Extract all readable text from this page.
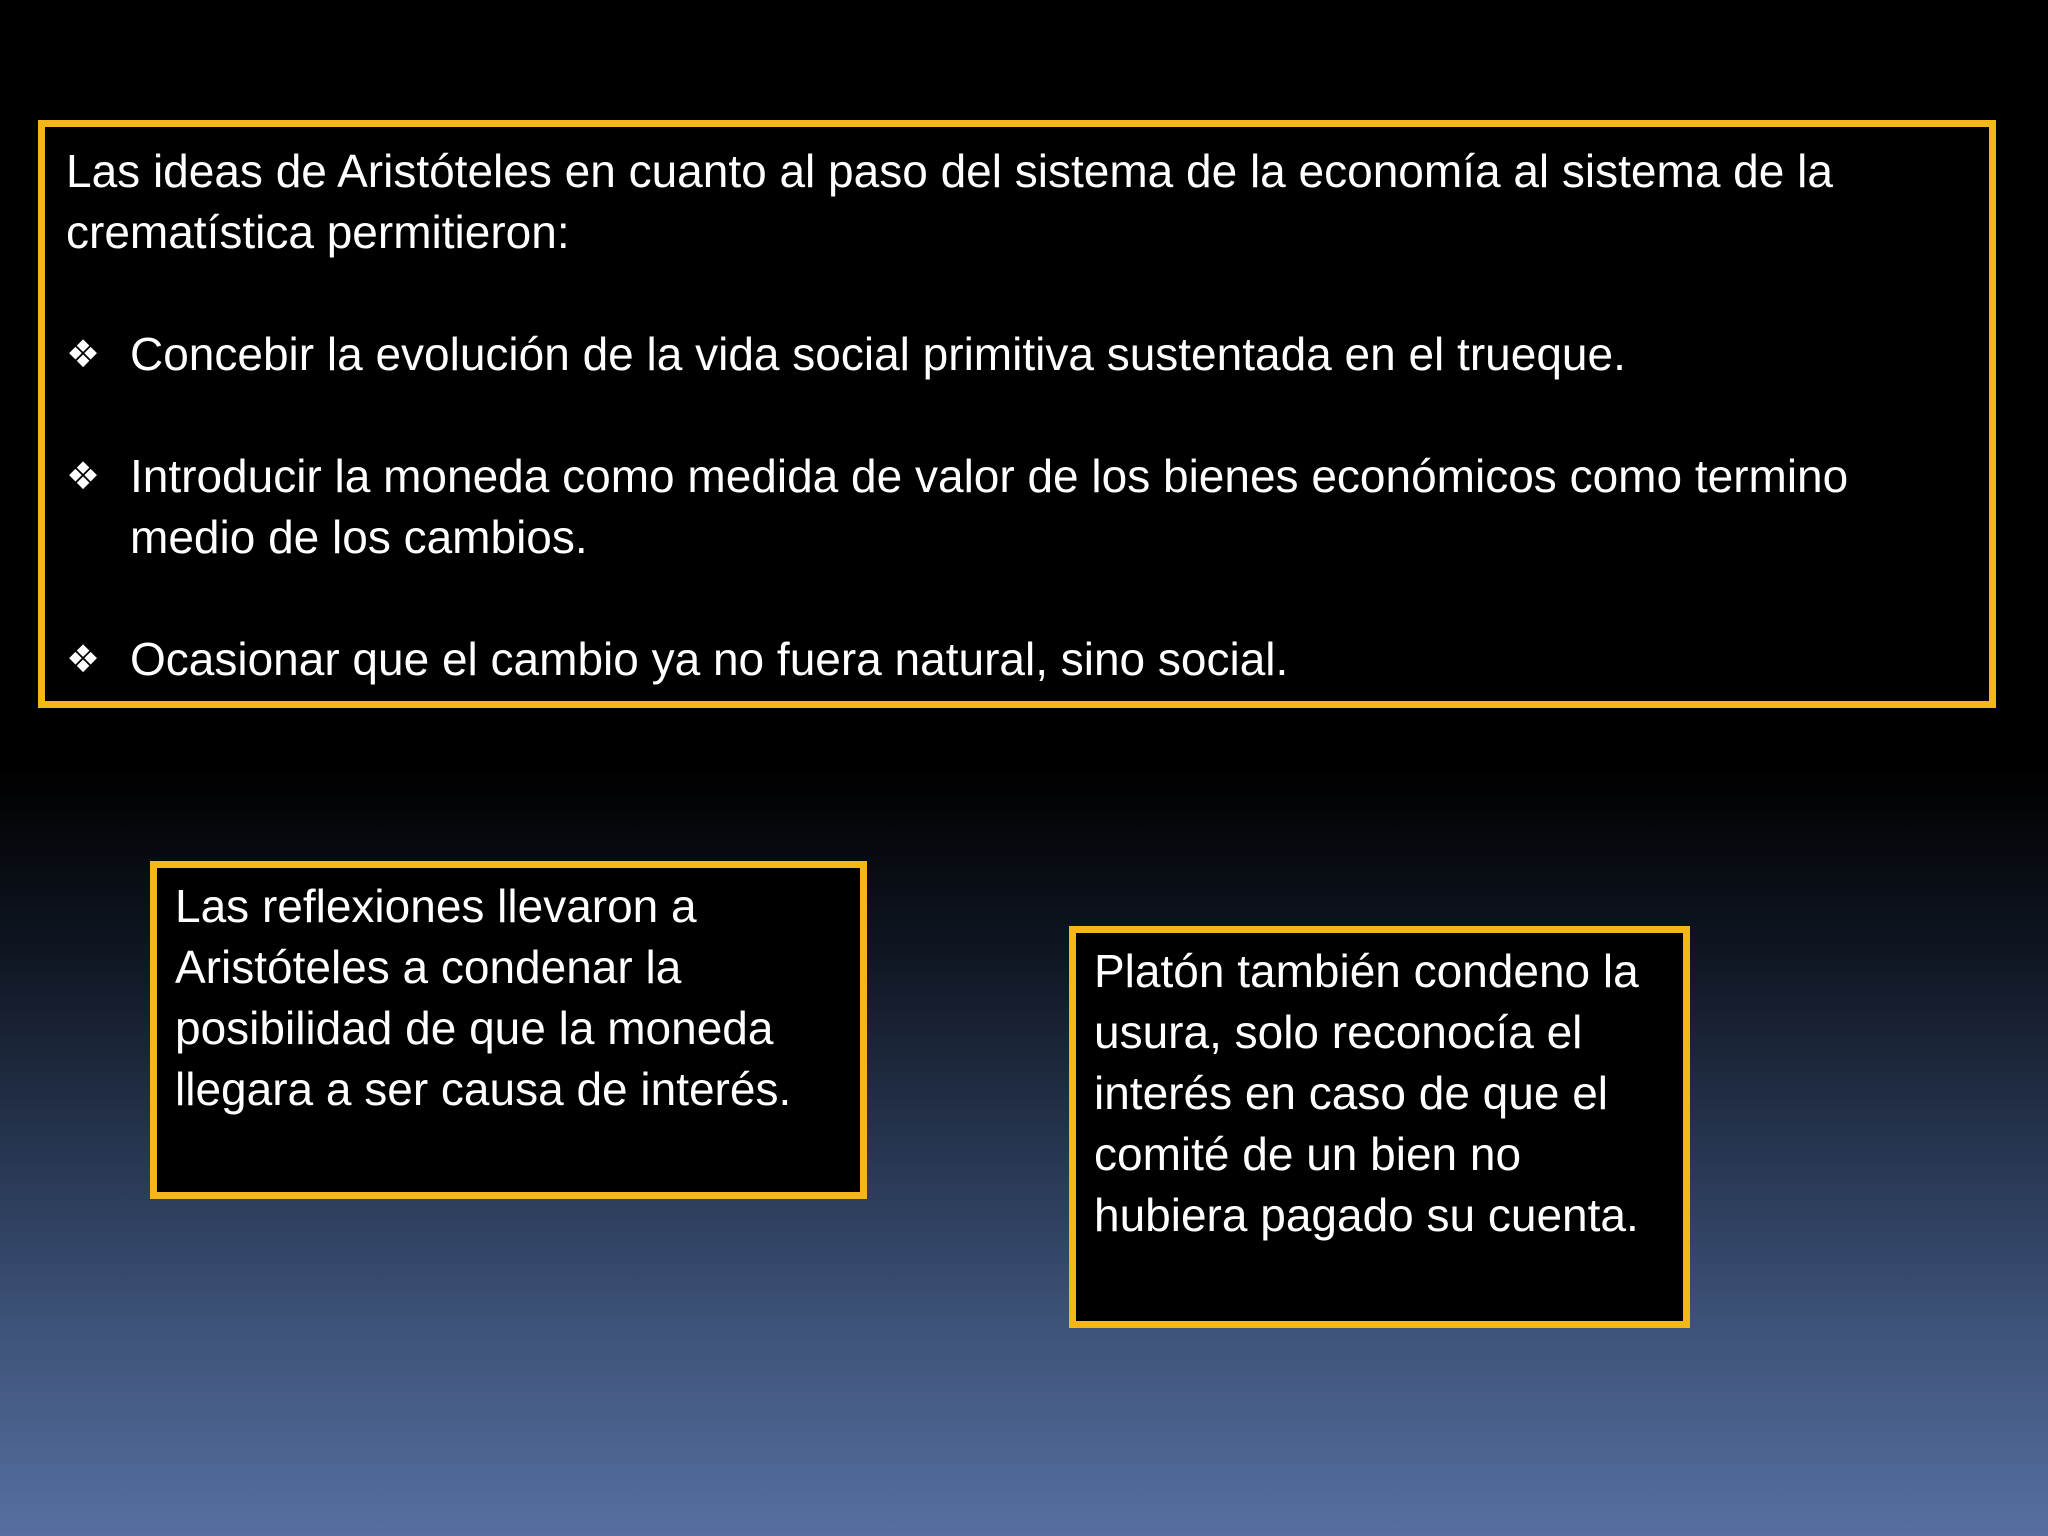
Las ideas de Aristóteles en cuanto al paso del sistema de la economía al sistema de la crematística permitieron:

❖ Concebir la evolución de la vida social primitiva sustentada en el trueque.
❖ Introducir la moneda como medida de valor de los bienes económicos como termino medio de los cambios.
❖ Ocasionar que el cambio ya no fuera natural, sino social.

Las reflexiones llevaron a Aristóteles a condenar la posibilidad de que la moneda llegara a ser causa de interés.

Platón también condeno la usura, solo reconocía el interés en caso de que el comité de un bien no hubiera pagado su cuenta.
